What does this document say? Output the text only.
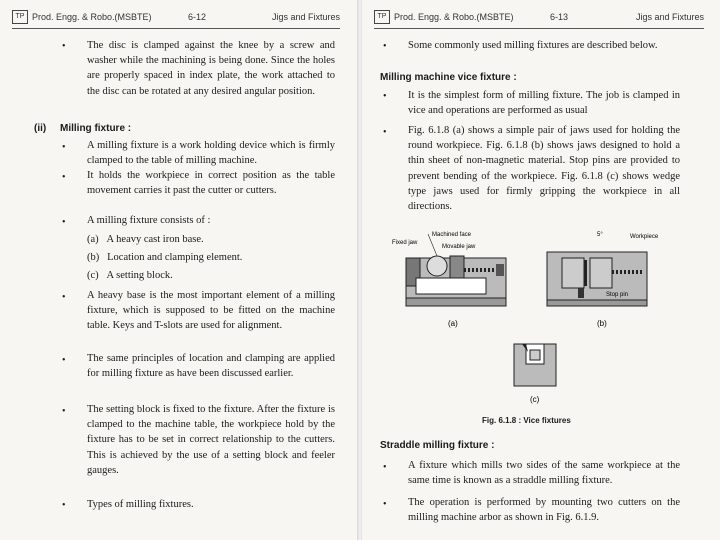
TP Prod. Engg. & Robo.(MSBTE)	6-12	Jigs and Fixtures
• The disc is clamped against the knee by a screw and washer while the machining is being done. Since the holes are properly spaced in index plate, the work attached to the disc can be rotated at any desired angular position.
(ii) Milling fixture :
• A milling fixture is a work holding device which is firmly clamped to the table of milling machine.
• It holds the workpiece in correct position as the table movement carries it past the cutter or cutters.
• A milling fixture consists of :
(a) A heavy cast iron base.
(b) Location and clamping element.
(c) A setting block.
• A heavy base is the most important element of a milling fixture, which is supposed to be fitted on the machine table. Keys and T-slots are used for alignment.
• The same principles of location and clamping are applied for milling fixture as have been discussed earlier.
• The setting block is fixed to the fixture. After the fixture is clamped to the machine table, the workpiece hold by the fixture has to be set in correct relationship to the cutters. This is achieved by the use of a setting block and feeler gauges.
• Types of milling fixtures.
TP Prod. Engg. & Robo.(MSBTE)	6-13	Jigs and Fixtures
• Some commonly used milling fixtures are described below.
Milling machine vice fixture :
• It is the simplest form of milling fixture. The job is clamped in vice and operations are performed as usual
• Fig. 6.1.8 (a) shows a simple pair of jaws used for holding the round workpiece. Fig. 6.1.8 (b) shows jaws designed to hold a thin sheet of non-magnetic material. Stop pins are provided to prevent bending of the workpiece. Fig. 6.1.8 (c) shows wedge type jaws used for firmly gripping the workpiece in all directions.
Machined face
Movable jaw
Fixed jaw
(a)
5°	Workpiece
Stop pin
(b)
(c)
Fig. 6.1.8 : Vice fixtures
Straddle milling fixture :
• A fixture which mills two sides of the same workpiece at the same time is known as a straddle milling fixture.
• The operation is performed by mounting two cutters on the milling machine arbor as shown in Fig. 6.1.9.
